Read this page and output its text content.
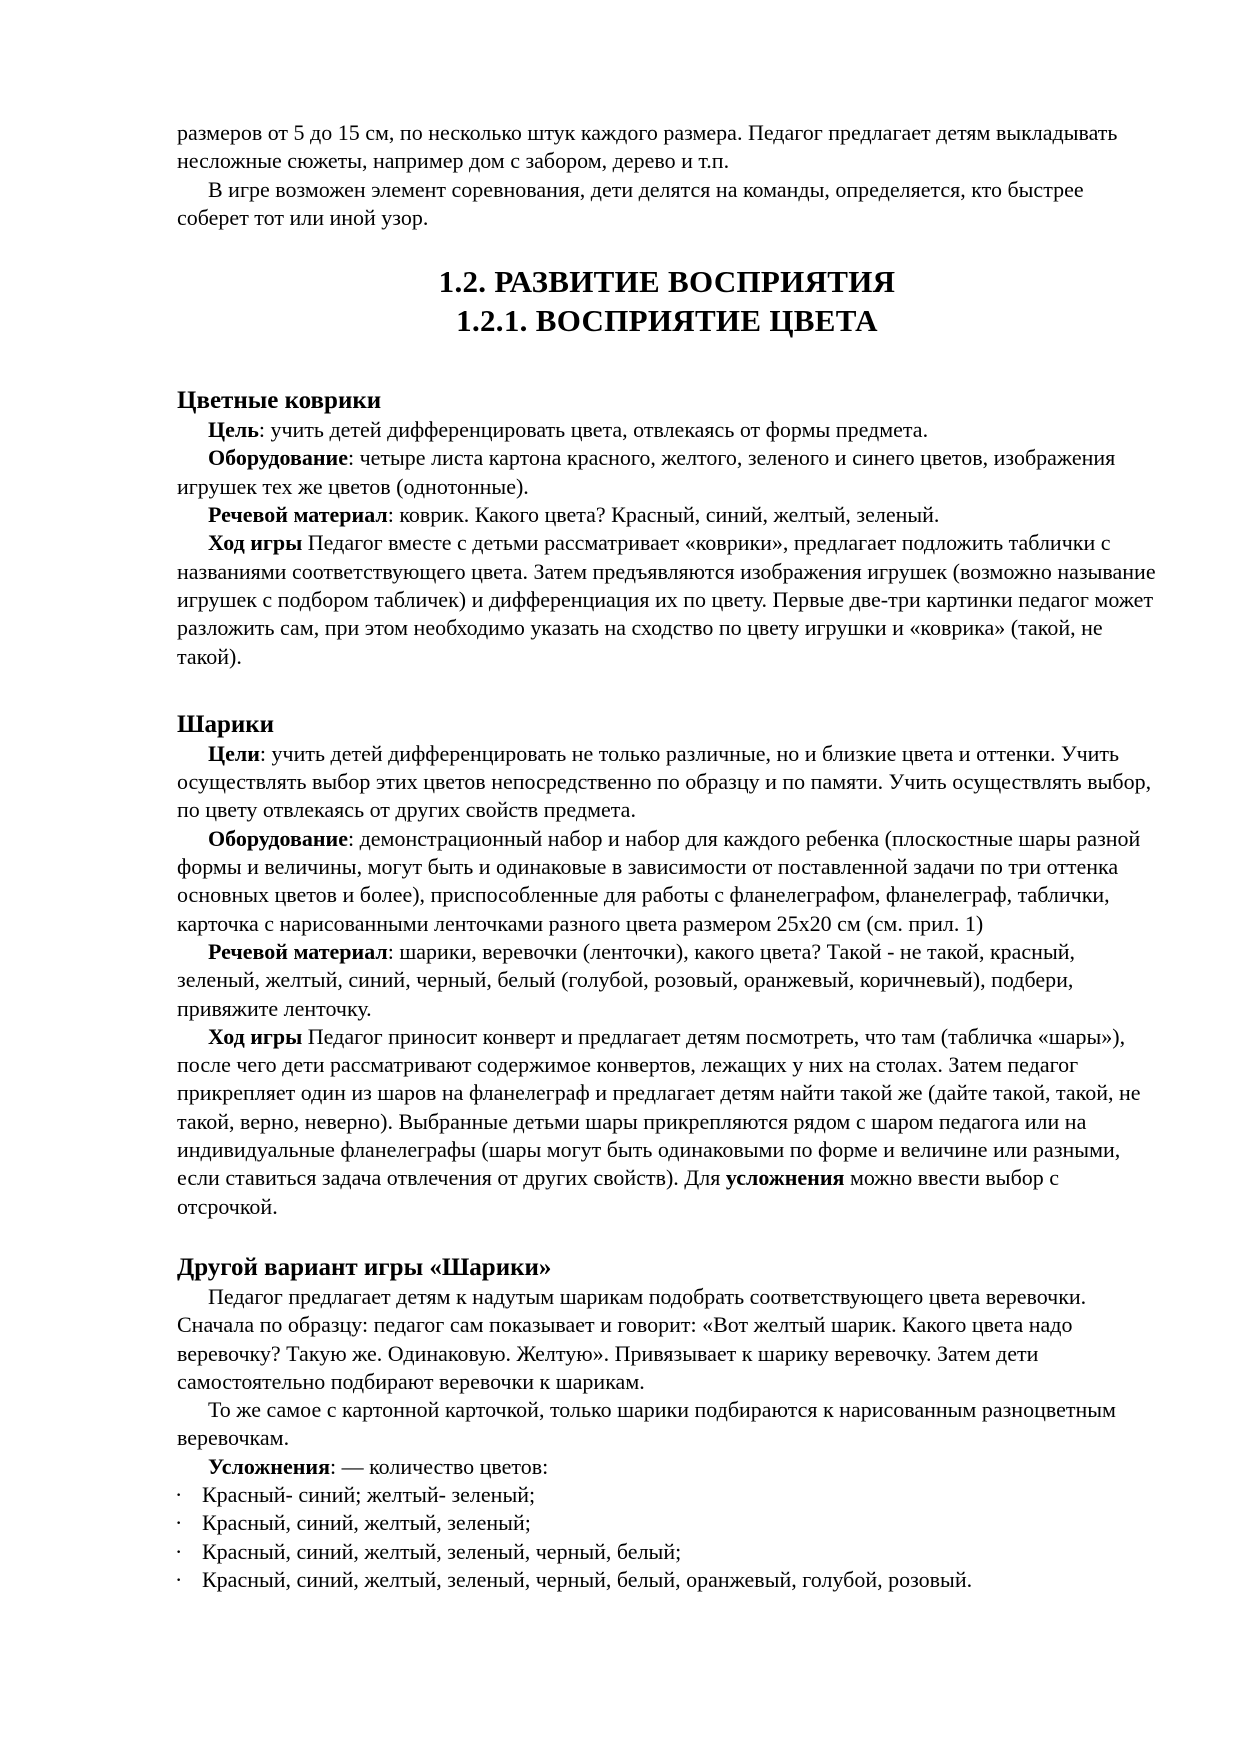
размеров от 5 до 15 см, по несколько штук каждого размера. Педагог предлагает детям выкладывать несложные сюжеты, например дом с забором, дерево и т.п.

В игре возможен элемент соревнования, дети делятся на команды, определяется, кто быстрее соберет тот или иной узор.

1.2. РАЗВИТИЕ ВОСПРИЯТИЯ
1.2.1. ВОСПРИЯТИЕ ЦВЕТА
Цветные коврики

Цель: учить детей дифференцировать цвета, отвлекаясь от формы предмета.

Оборудование: четыре листа картона красного, желтого, зеленого и синего цветов, изображения игрушек тех же цветов (однотонные).

Речевой материал: коврик. Какого цвета? Красный, синий, желтый, зеленый.

Ход игры Педагог вместе с детьми рассматривает «коврики», предлагает подложить таблички с названиями соответствующего цвета. Затем предъявляются изображения игрушек (возможно называние игрушек с подбором табличек) и дифференциация их по цвету. Первые две-три картинки педагог может разложить сам, при этом необходимо указать на сходство по цвету игрушки и «коврика» (такой, не такой).

Шарики

Цели: учить детей дифференцировать не только различные, но и близкие цвета и оттенки. Учить осуществлять выбор этих цветов непосредственно по образцу и по памяти. Учить осуществлять выбор, по цвету отвлекаясь от других свойств предмета.

Оборудование: демонстрационный набор и набор для каждого ребенка (плоскостные шары разной формы и величины, могут быть и одинаковые в зависимости от поставленной задачи по три оттенка основных цветов и более), приспособленные для работы с фланелеграфом, фланелеграф, таблички, карточка с нарисованными ленточками разного цвета размером 25х20 см (см. прил. 1)

Речевой материал: шарики, веревочки (ленточки), какого цвета? Такой - не такой, красный, зеленый, желтый, синий, черный, белый (голубой, розовый, оранжевый, коричневый), подбери, привяжите ленточку.

Ход игры Педагог приносит конверт и предлагает детям посмотреть, что там (табличка «шары»), после чего дети рассматривают содержимое конвертов, лежащих у них на столах. Затем педагог прикрепляет один из шаров на фланелеграф и предлагает детям найти такой же (дайте такой, такой, не такой, верно, неверно). Выбранные детьми шары прикрепляются рядом с шаром педагога или на индивидуальные фланелеграфы (шары могут быть одинаковыми по форме и величине или разными, если ставиться задача отвлечения от других свойств). Для усложнения можно ввести выбор с отсрочкой.

Другой вариант игры «Шарики»

Педагог предлагает детям к надутым шарикам подобрать соответствующего цвета веревочки. Сначала по образцу: педагог сам показывает и говорит: «Вот желтый шарик. Какого цвета надо веревочку? Такую же. Одинаковую. Желтую». Привязывает к шарику веревочку. Затем дети самостоятельно подбирают веревочки к шарикам.

То же самое с картонной карточкой, только шарики подбираются к нарисованным разноцветным веревочкам.

Усложнения: — количество цветов:

· Красный- синий; желтый- зеленый;
· Красный, синий, желтый, зеленый;
· Красный, синий, желтый, зеленый, черный, белый;
· Красный, синий, желтый, зеленый, черный, белый, оранжевый, голубой, розовый.
